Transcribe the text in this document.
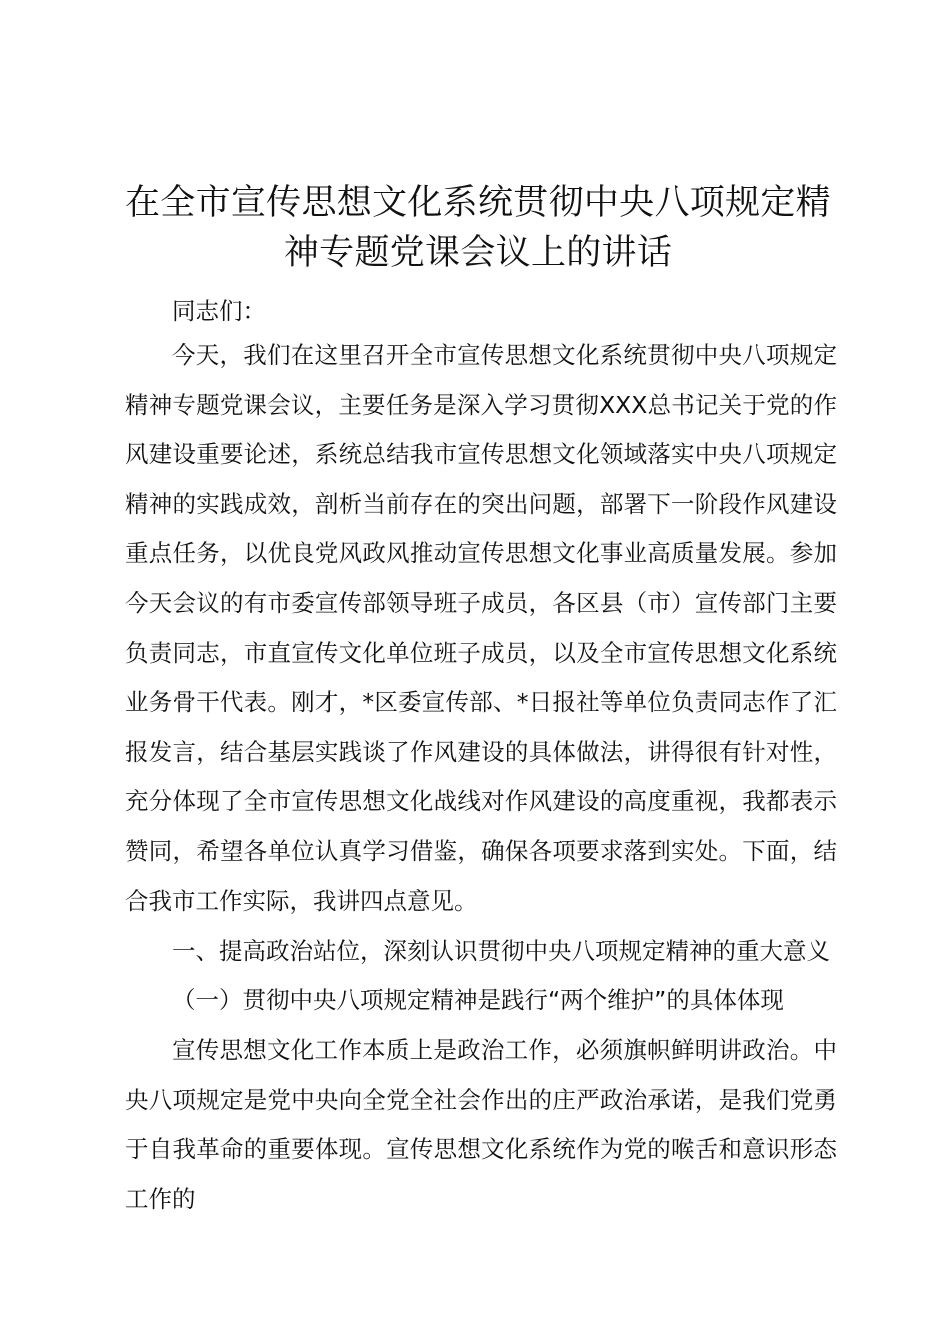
在全市宣传思想文化系统贯彻中央八项规定精神专题党课会议上的讲话

同志们：

今天，我们在这里召开全市宣传思想文化系统贯彻中央八项规定精神专题党课会议，主要任务是深入学习贯彻XXX总书记关于党的作风建设重要论述，系统总结我市宣传思想文化领域落实中央八项规定精神的实践成效，剖析当前存在的突出问题，部署下一阶段作风建设重点任务，以优良党风政风推动宣传思想文化事业高质量发展。参加今天会议的有市委宣传部领导班子成员，各区县（市）宣传部门主要负责同志，市直宣传文化单位班子成员，以及全市宣传思想文化系统业务骨干代表。刚才，*区委宣传部、*日报社等单位负责同志作了汇报发言，结合基层实践谈了作风建设的具体做法，讲得很有针对性，充分体现了全市宣传思想文化战线对作风建设的高度重视，我都表示赞同，希望各单位认真学习借鉴，确保各项要求落到实处。下面，结合我市工作实际，我讲四点意见。

一、提高政治站位，深刻认识贯彻中央八项规定精神的重大意义

（一）贯彻中央八项规定精神是践行“两个维护”的具体体现

宣传思想文化工作本质上是政治工作，必须旗帜鲜明讲政治。中央八项规定是党中央向全党全社会作出的庄严政治承诺，是我们党勇于自我革命的重要体现。宣传思想文化系统作为党的喉舌和意识形态工作的
